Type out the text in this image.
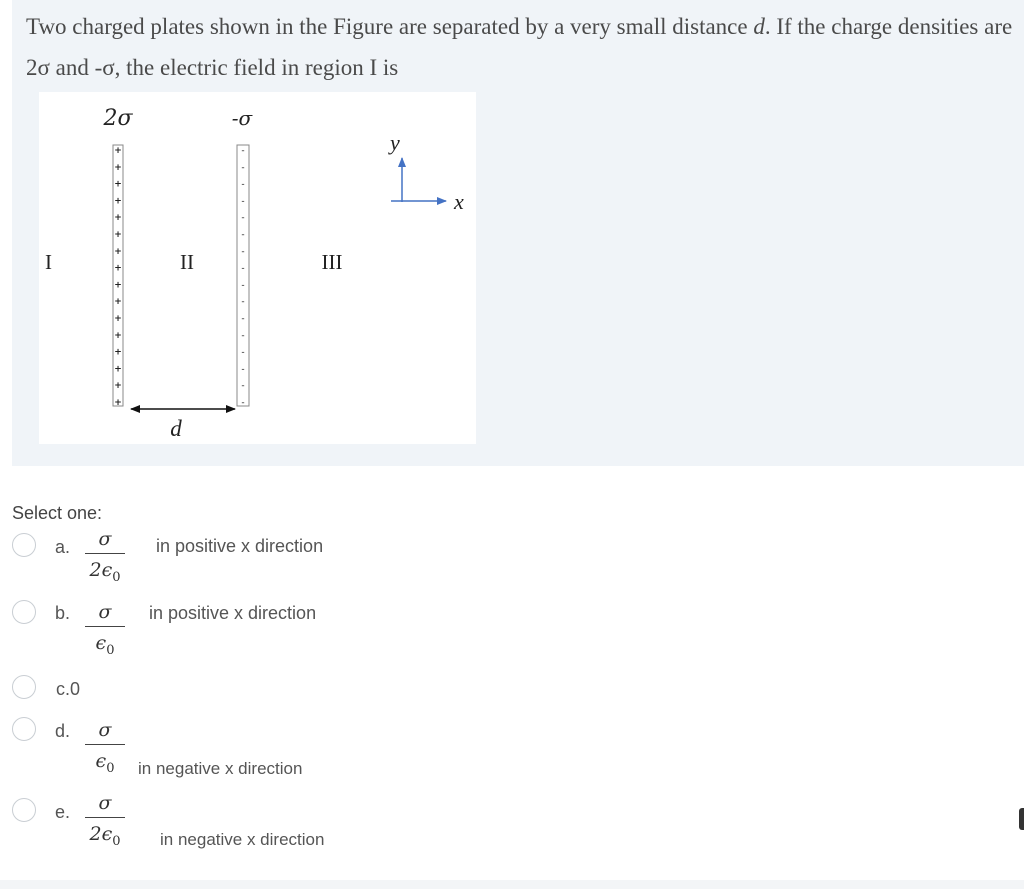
Two charged plates shown in the Figure are separated by a very small distance d. If the charge densities are 2σ and -σ, the electric field in region I is

2σ	-σ
+
+
+
+
+
+
+
+
+
+
+
+
+
+
+
+
-
-
-
-
-
-
-
-
-
-
-
-
-
-
-
-
I	II	III
d
y
x
Select one:
a.	σ
$2\epsilon_0$
in positive x direction
b.	σ
$\epsilon_0$
in positive x direction
c.0
d.	σ
$\epsilon_0$	in negative x direction
e.	σ
$2\epsilon_0$	in negative x direction
